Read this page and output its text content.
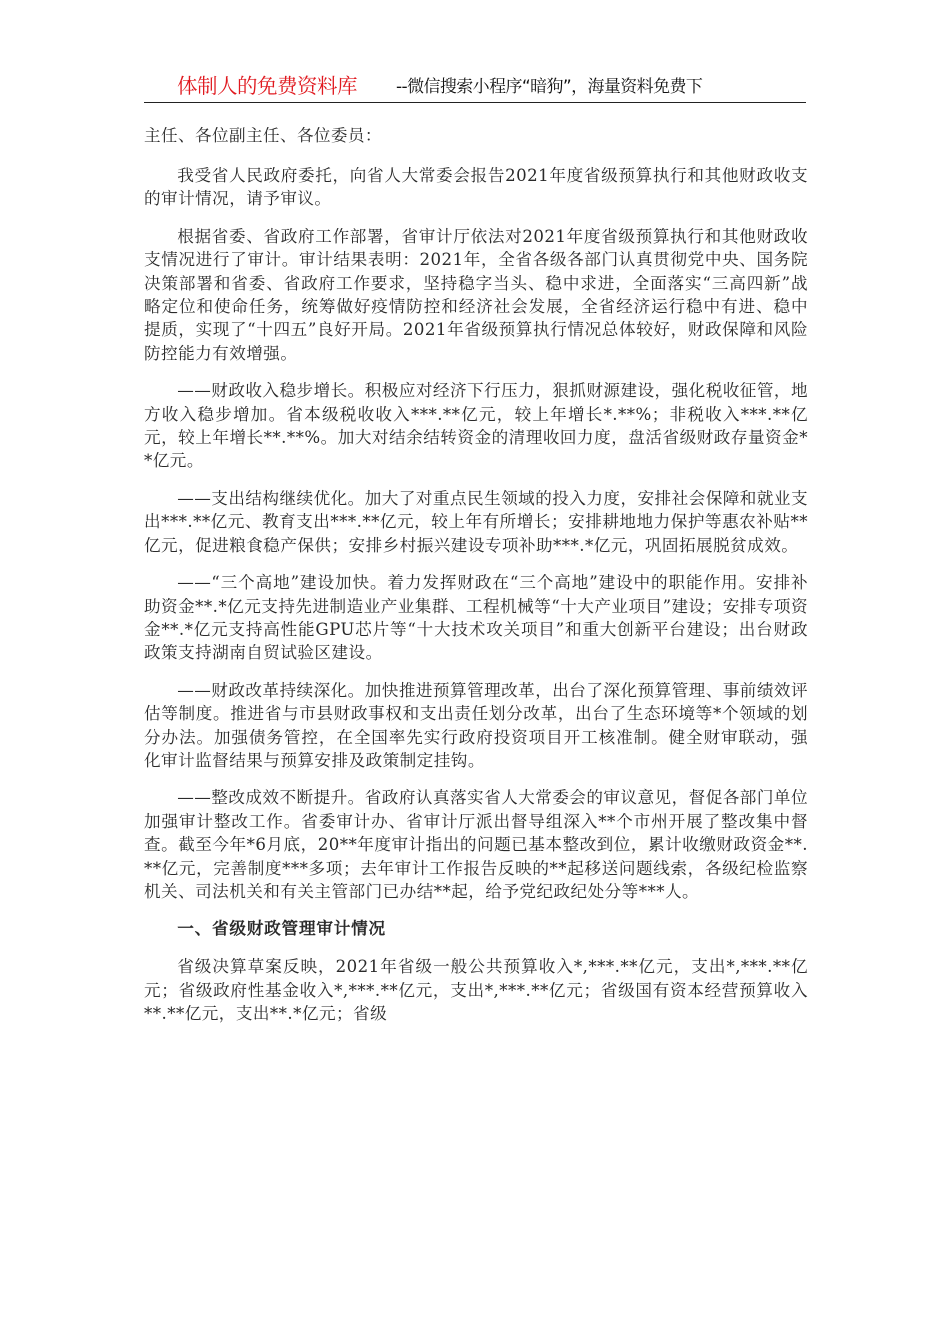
体制人的免费资料库 --微信搜索小程序“暗狗”，海量资料免费下

主任、各位副主任、各位委员：

我受省人民政府委托，向省人大常委会报告2021年度省级预算执行和其他财政收支的审计情况，请予审议。

根据省委、省政府工作部署，省审计厅依法对2021年度省级预算执行和其他财政收支情况进行了审计。审计结果表明：2021年，全省各级各部门认真贯彻党中央、国务院决策部署和省委、省政府工作要求，坚持稳字当头、稳中求进，全面落实“三高四新”战略定位和使命任务，统筹做好疫情防控和经济社会发展，全省经济运行稳中有进、稳中提质，实现了“十四五”良好开局。2021年省级预算执行情况总体较好，财政保障和风险防控能力有效增强。

——财政收入稳步增长。积极应对经济下行压力，狠抓财源建设，强化税收征管，地方收入稳步增加。省本级税收收入***.**亿元，较上年增长*.**%；非税收入***.**亿元，较上年增长**.**%。加大对结余结转资金的清理收回力度，盘活省级财政存量资金**亿元。

——支出结构继续优化。加大了对重点民生领域的投入力度，安排社会保障和就业支出***.**亿元、教育支出***.**亿元，较上年有所增长；安排耕地地力保护等惠农补贴**亿元，促进粮食稳产保供；安排乡村振兴建设专项补助***.*亿元，巩固拓展脱贫成效。

——“三个高地”建设加快。着力发挥财政在“三个高地”建设中的职能作用。安排补助资金**.*亿元支持先进制造业产业集群、工程机械等“十大产业项目”建设；安排专项资金**.*亿元支持高性能GPU芯片等“十大技术攻关项目”和重大创新平台建设；出台财政政策支持湖南自贸试验区建设。

——财政改革持续深化。加快推进预算管理改革，出台了深化预算管理、事前绩效评估等制度。推进省与市县财政事权和支出责任划分改革，出台了生态环境等*个领域的划分办法。加强债务管控，在全国率先实行政府投资项目开工核准制。健全财审联动，强化审计监督结果与预算安排及政策制定挂钩。

——整改成效不断提升。省政府认真落实省人大常委会的审议意见，督促各部门单位加强审计整改工作。省委审计办、省审计厅派出督导组深入**个市州开展了整改集中督查。截至今年*6月底，20**年度审计指出的问题已基本整改到位，累计收缴财政资金**.**亿元，完善制度***多项；去年审计工作报告反映的**起移送问题线索，各级纪检监察机关、司法机关和有关主管部门已办结**起，给予党纪政纪处分等***人。

一、省级财政管理审计情况

省级决算草案反映，2021年省级一般公共预算收入*,***.**亿元，支出*,***.**亿元；省级政府性基金收入*,***.**亿元，支出*,***.**亿元；省级国有资本经营预算收入**.**亿元，支出**.*亿元；省级
